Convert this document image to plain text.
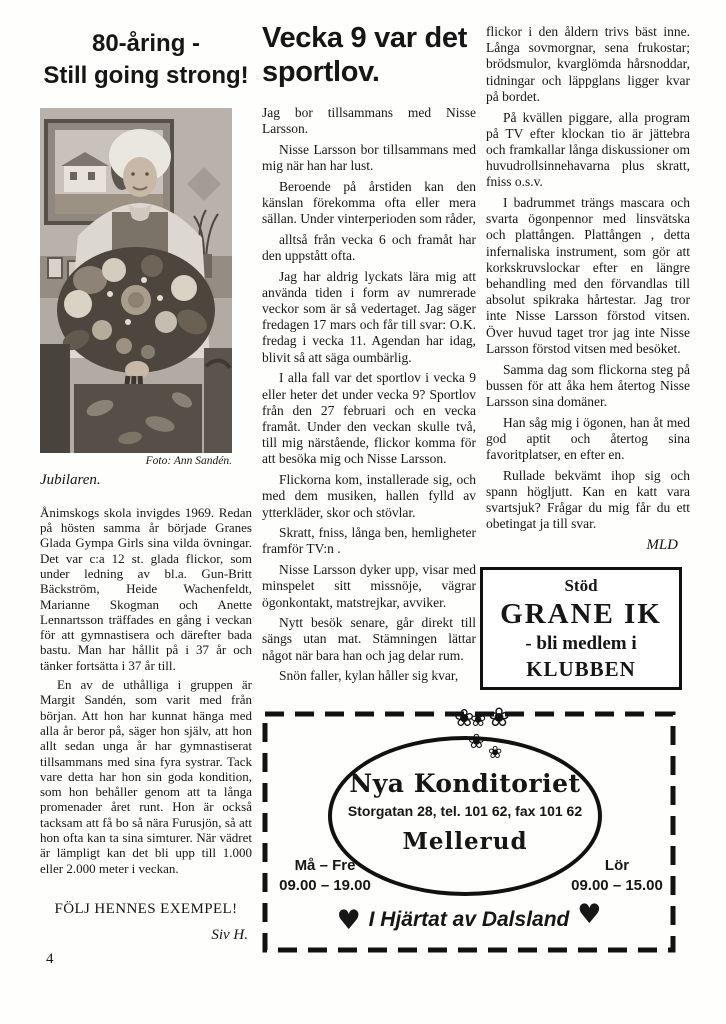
80-åring -
Still going strong!
Foto: Ann Sandén.
Jubilaren.

Ånimskogs skola invigdes 1969. Redan på hösten samma år började Granes Glada Gympa Girls sina vilda övningar. Det var c:a 12 st. glada flickor, som under ledning av bl.a. Gun-Britt Bäckström, Heide Wachenfeldt, Marianne Skogman och Anette Lennartsson träffades en gång i veckan för att gymnastisera och därefter bada bastu. Man har hållit på i 37 år och tänker fortsätta i 37 år till.

En av de uthålliga i gruppen är Margit Sandén, som varit med från början. Att hon har kunnat hänga med alla år beror på, säger hon själv, att hon allt sedan unga år har gymnastiserat tillsammans med sina fyra systrar. Tack vare detta har hon sin goda kondition, som hon behåller genom att ta långa promenader året runt. Hon är också tacksam att få bo så nära Furusjön, så att hon ofta kan ta sina simturer. När vädret är lämpligt kan det bli upp till 1.000 eller 2.000 meter i veckan.

FÖLJ HENNES EXEMPEL!
Siv H.
Vecka 9 var det
sportlov.

Jag bor tillsammans med Nisse Larsson.

Nisse Larsson bor tillsammans med mig när han har lust.

Beroende på årstiden kan den känslan förekomma ofta eller mera sällan. Under vinterperioden som råder,

alltså från vecka 6 och framåt har den uppstått ofta.

Jag har aldrig lyckats lära mig att använda tiden i form av numrerade veckor som är så vedertaget. Jag säger fredagen 17 mars och får till svar: O.K. fredag i vecka 11. Agendan har idag, blivit så att säga oumbärlig.

I alla fall var det sportlov i vecka 9 eller heter det under vecka 9? Sportlov från den 27 februari och en vecka framåt. Under den veckan skulle två, till mig närstående, flickor komma för att besöka mig och Nisse Larsson.

Flickorna kom, installerade sig, och med dem musiken, hallen fylld av ytterkläder, skor och stövlar.

Skratt, fniss, långa ben, hemligheter framför TV:n .

Nisse Larsson dyker upp, visar med minspelet sitt missnöje, vägrar ögonkontakt, matstrejkar, avviker.

Nytt besök senare, går direkt till sängs utan mat. Stämningen lättar något när bara han och jag delar rum.

Snön faller, kylan håller sig kvar,

flickor i den åldern trivs bäst inne. Långa sovmorgnar, sena frukostar; brödsmulor, kvarglömda hårsnoddar, tidningar och läppglans ligger kvar på bordet.

På kvällen piggare, alla program på TV efter klockan tio är jättebra och framkallar långa diskussioner om huvudrollsinnehavarna plus skratt, fniss o.s.v.

I badrummet trängs mascara och svarta ögonpennor med linsvätska och plattången. Plattången , detta infernaliska instrument, som gör att korkskruvslockar efter en längre behandling med den förvandlas till absolut spikraka hårtestar. Jag tror inte Nisse Larsson förstod vitsen. Över huvud taget tror jag inte Nisse Larsson förstod vitsen med besöket.

Samma dag som flickorna steg på bussen för att åka hem återtog Nisse Larsson sina domäner.

Han såg mig i ögonen, han åt med god aptit och återtog sina favoritplatser, en efter en.

Rullade bekvämt ihop sig och spann högljutt. Kan en katt vara svartsjuk? Frågar du mig får du ett obetingat ja till svar.

MLD
Stöd
GRANE IK
- bli medlem i
KLUBBEN
❀❀❀
❀ ❀
Nya Konditoriet
Storgatan 28, tel. 101 62, fax 101 62
Mellerud
Må – Fre
09.00 – 19.00
Lör
09.00 – 15.00
♥ I Hjärtat av Dalsland ♥
4
